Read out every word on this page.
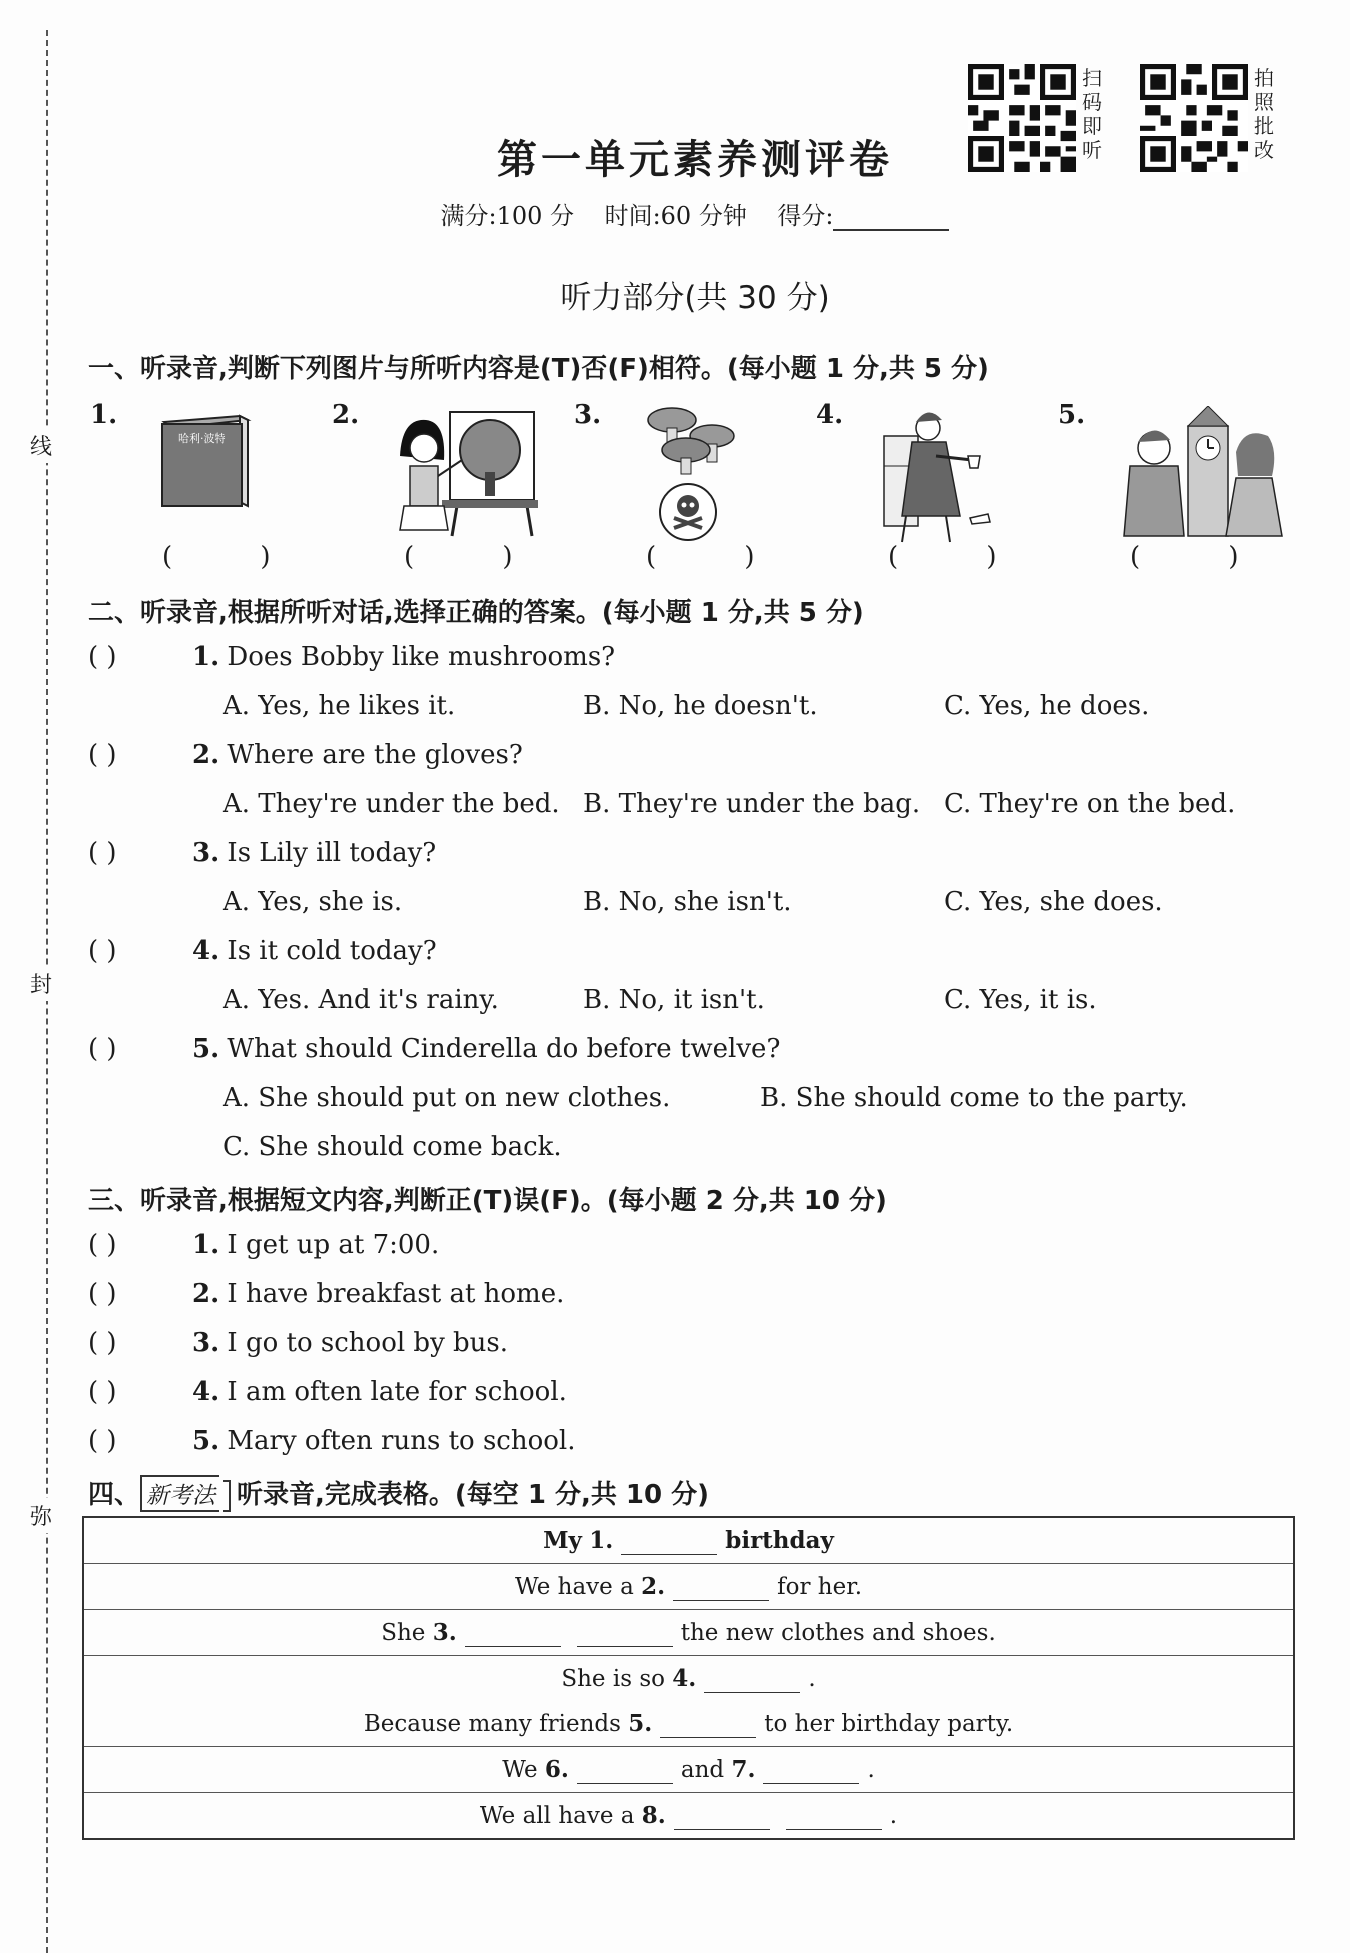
线
封
弥
扫码即听
拍照批改
第一单元素养测评卷
满分:100 分 时间:60 分钟 得分:
听力部分(共 30 分)
一、听录音,判断下列图片与所听内容是(T)否(F)相符。(每小题 1 分,共 5 分)
1.
哈利·波特
( )
2.
( )
3.
( )
4.
( )
5.
( )
二、听录音,根据所听对话,选择正确的答案。(每小题 1 分,共 5 分)
( )	1. Does Bobby like mushrooms?
A. Yes, he likes it.	B. No, he doesn't.	C. Yes, he does.
( )	2. Where are the gloves?
A. They're under the bed. B. They're under the bag. C. They're on the bed.
( )	3. Is Lily ill today?
A. Yes, she is.	B. No, she isn't.	C. Yes, she does.
( )	4. Is it cold today?
A. Yes. And it's rainy.	B. No, it isn't.	C. Yes, it is.
( )	5. What should Cinderella do before twelve?
A. She should put on new clothes.	B. She should come to the party.
C. She should come back.
三、听录音,根据短文内容,判断正(T)误(F)。(每小题 2 分,共 10 分)
( )	1. I get up at 7:00.
( )	2. I have breakfast at home.
( )	3. I go to school by bus.
( )	4. I am often late for school.
( )	5. Mary often runs to school.
四、 新考法 听录音,完成表格。(每空 1 分,共 10 分)
My 1.	birthday
We have a 2.	for her.
She 3.	the new clothes and shoes.
She is so 4.	.
Because many friends 5.	to her birthday party.
We 6.	and 7.	.
We all have a 8.	.
